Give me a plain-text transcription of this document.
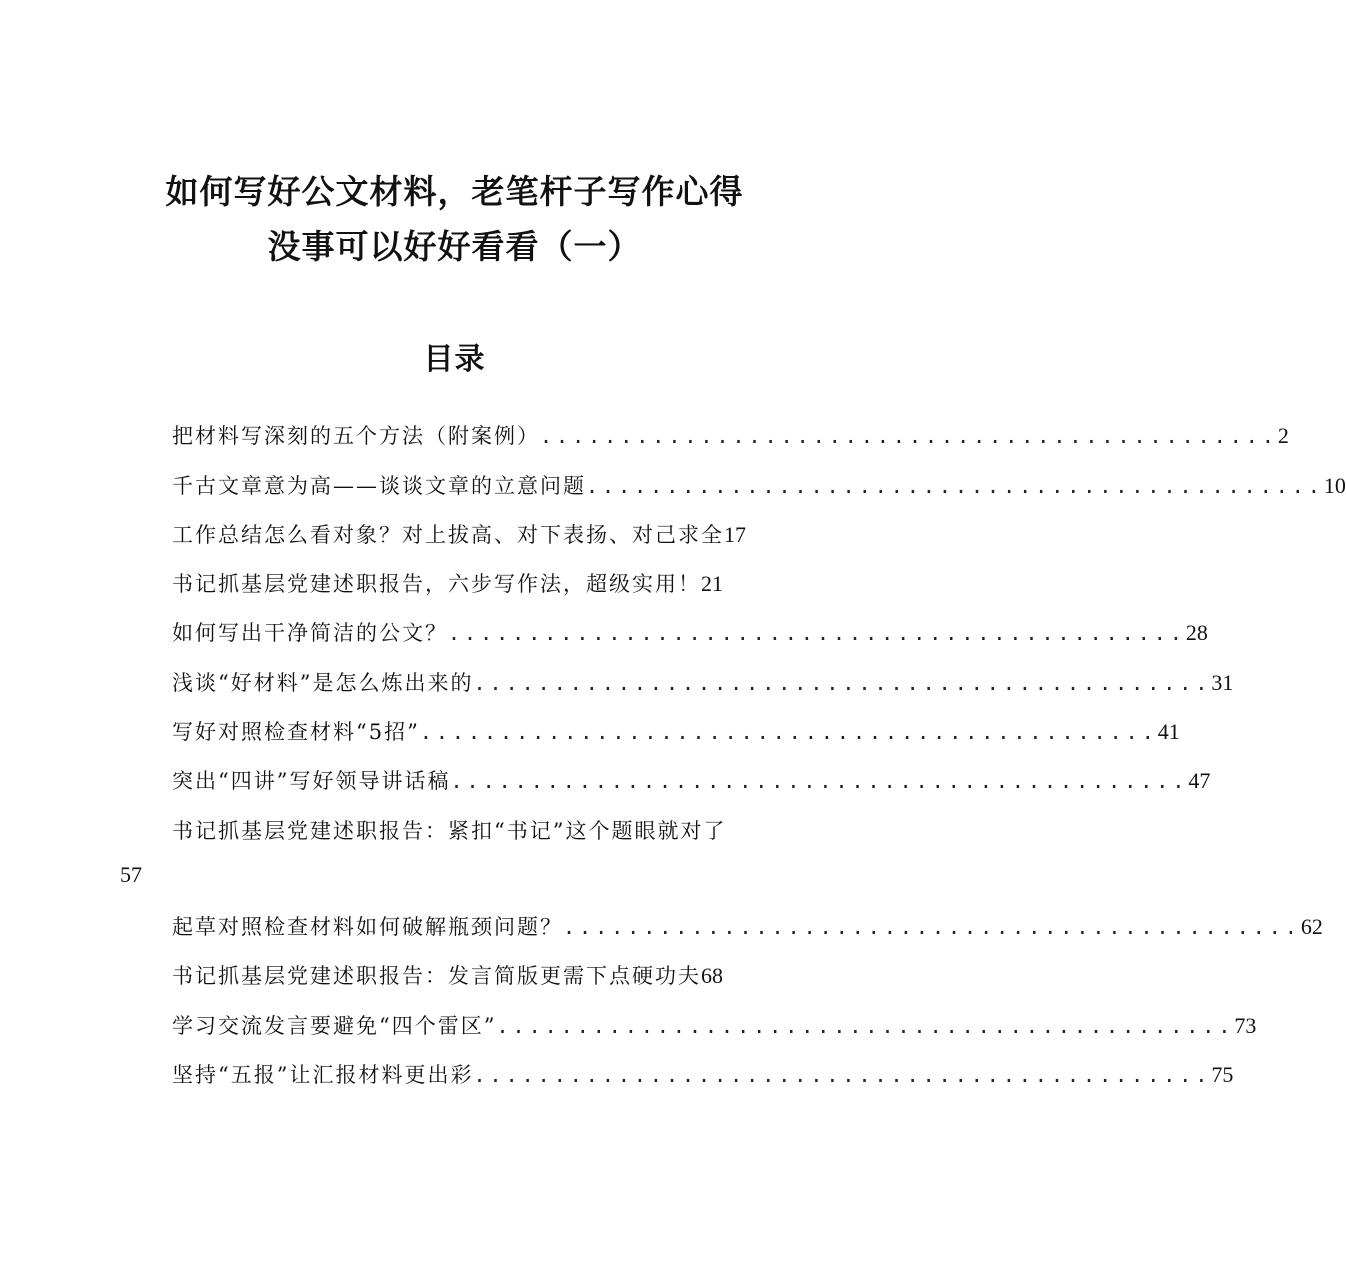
如何写好公文材料，老笔杆子写作心得
没事可以好好看看（一）
目录
把材料写深刻的五个方法（附案例） .............................................. 2
千古文章意为高——谈谈文章的立意问题 .............................................. 10
工作总结怎么看对象？对上拔高、对下表扬、对己求全 17
书记抓基层党建述职报告，六步写作法，超级实用！ 21
如何写出干净简洁的公文？ .............................................. 28
浅谈“好材料”是怎么炼出来的 .............................................. 31
写好对照检查材料“5招” .............................................. 41
突出“四讲”写好领导讲话稿 .............................................. 47
书记抓基层党建述职报告：紧扣“书记”这个题眼就对了
57
起草对照检查材料如何破解瓶颈问题？ .............................................. 62
书记抓基层党建述职报告：发言简版更需下点硬功夫 68
学习交流发言要避免“四个雷区” .............................................. 73
坚持“五报”让汇报材料更出彩 .............................................. 75
